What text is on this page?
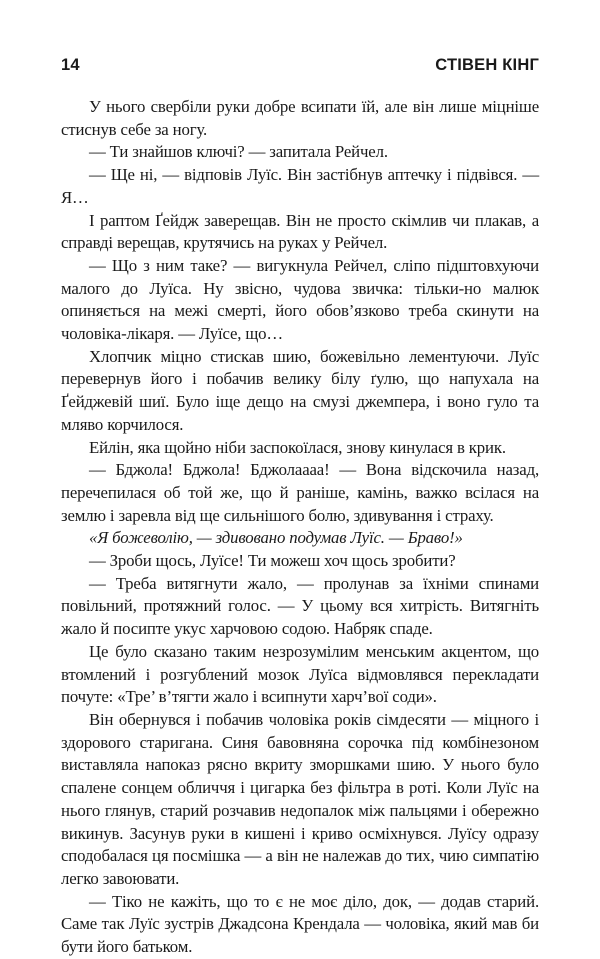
14	СТІВЕН КІНГ

У нього свербіли руки добре всипати їй, але він лише міцніше стиснув себе за ногу.

— Ти знайшов ключі? — запитала Рейчел.

— Ще ні, — відповів Луїс. Він застібнув аптечку і підвівся. — Я…

І раптом Ґейдж заверещав. Він не просто скімлив чи плакав, а справді верещав, крутячись на руках у Рейчел.

— Що з ним таке? — вигукнула Рейчел, сліпо підштовхуючи малого до Луїса. Ну звісно, чудова звичка: тільки-но малюк опиняється на межі смерті, його обов’язково треба скинути на чоловіка-лікаря. — Луїсе, що…

Хлопчик міцно стискав шию, божевільно лементуючи. Луїс перевернув його і побачив велику білу ґулю, що напухала на Ґейджевій шиї. Було іще дещо на смузі джемпера, і воно гуло та мляво корчилося.

Ейлін, яка щойно ніби заспокоїлася, знову кинулася в крик.

— Бджола! Бджола! Бджолаааа! — Вона відскочила назад, перечепилася об той же, що й раніше, камінь, важко всілася на землю і заревла від ще сильнішого болю, здивування і страху.

«Я божеволію, — здивовано подумав Луїс. — Браво!»

— Зроби щось, Луїсе! Ти можеш хоч щось зробити?

— Треба витягнути жало, — пролунав за їхніми спинами повільний, протяжний голос. — У цьому вся хитрість. Витягніть жало й посипте укус харчовою содою. Набряк спаде.

Це було сказано таким незрозумілим менським акцентом, що втомлений і розгублений мозок Луїса відмовлявся перекладати почуте: «Тре’ в’тягти жало і всипнути харч’вої соди».

Він обернувся і побачив чоловіка років сімдесяти — міцного і здорового старигана. Синя бавовняна сорочка під комбінезоном виставляла напоказ рясно вкриту зморшками шию. У нього було спалене сонцем обличчя і цигарка без фільтра в роті. Коли Луїс на нього глянув, старий розчавив недопалок між пальцями і обережно викинув. Засунув руки в кишені і криво осміхнувся. Луїсу одразу сподобалася ця посмішка — а він не належав до тих, чию симпатію легко завоювати.

— Тіко не кажіть, що то є не моє діло, док, — додав старий. Саме так Луїс зустрів Джадсона Крендала — чоловіка, який мав би бути його батьком.
